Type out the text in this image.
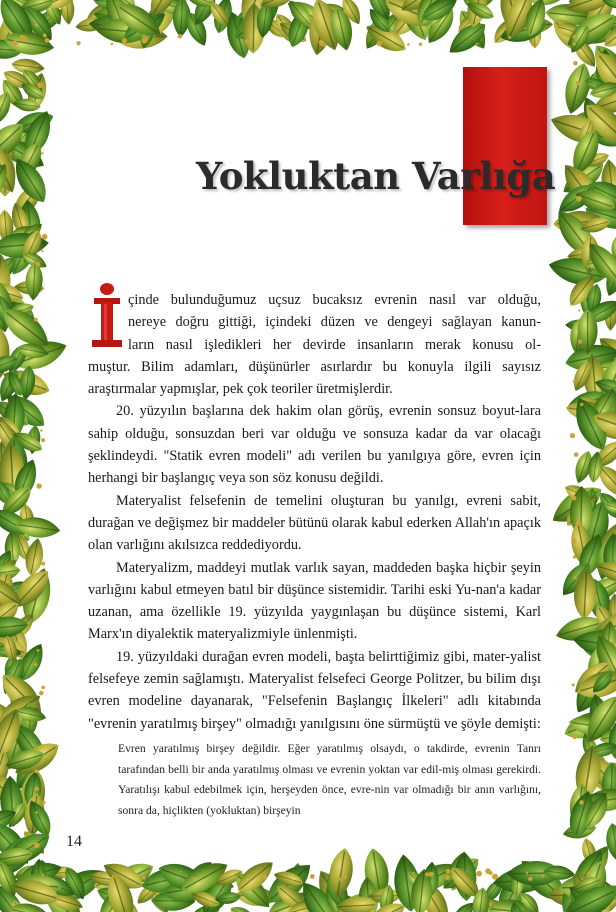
Yokluktan Varlığa

çinde bulunduğumuz uçsuz bucaksız evrenin nasıl var olduğu,
nereye doğru gittiği, içindeki düzen ve dengeyi sağlayan kanun-
ların nasıl işledikleri her devirde insanların merak konusu ol-
muştur. Bilim adamları, düşünürler asırlardır bu konuyla ilgili sayısız araştırmalar yapmışlar, pek çok teoriler üretmişlerdir.

20. yüzyılın başlarına dek hakim olan görüş, evrenin sonsuz boyut-lara sahip olduğu, sonsuzdan beri var olduğu ve sonsuza kadar da var olacağı şeklindeydi. "Statik evren modeli" adı verilen bu yanılgıya göre, evren için herhangi bir başlangıç veya son söz konusu değildi.

Materyalist felsefenin de temelini oluşturan bu yanılgı, evreni sabit, durağan ve değişmez bir maddeler bütünü olarak kabul ederken Allah'ın apaçık olan varlığını akılsızca reddediyordu.

Materyalizm, maddeyi mutlak varlık sayan, maddeden başka hiçbir şeyin varlığını kabul etmeyen batıl bir düşünce sistemidir. Tarihi eski Yu-nan'a kadar uzanan, ama özellikle 19. yüzyılda yaygınlaşan bu düşünce sistemi, Karl Marx'ın diyalektik materyalizmiyle ünlenmişti.

19. yüzyıldaki durağan evren modeli, başta belirttiğimiz gibi, mater-yalist felsefeye zemin sağlamıştı. Materyalist felsefeci George Politzer, bu bilim dışı evren modeline dayanarak, "Felsefenin Başlangıç İlkeleri" adlı kitabında "evrenin yaratılmış birşey" olmadığı yanılgısını öne sürmüştü ve şöyle demişti:

Evren yaratılmış birşey değildir. Eğer yaratılmış olsaydı, o takdirde, evrenin Tanrı tarafından belli bir anda yaratılmış olması ve evrenin yoktan var edil-miş olması gerekirdi. Yaratılışı kabul edebilmek için, herşeyden önce, evre-nin var olmadığı bir anın varlığını, sonra da, hiçlikten (yokluktan) birşeyin
14
